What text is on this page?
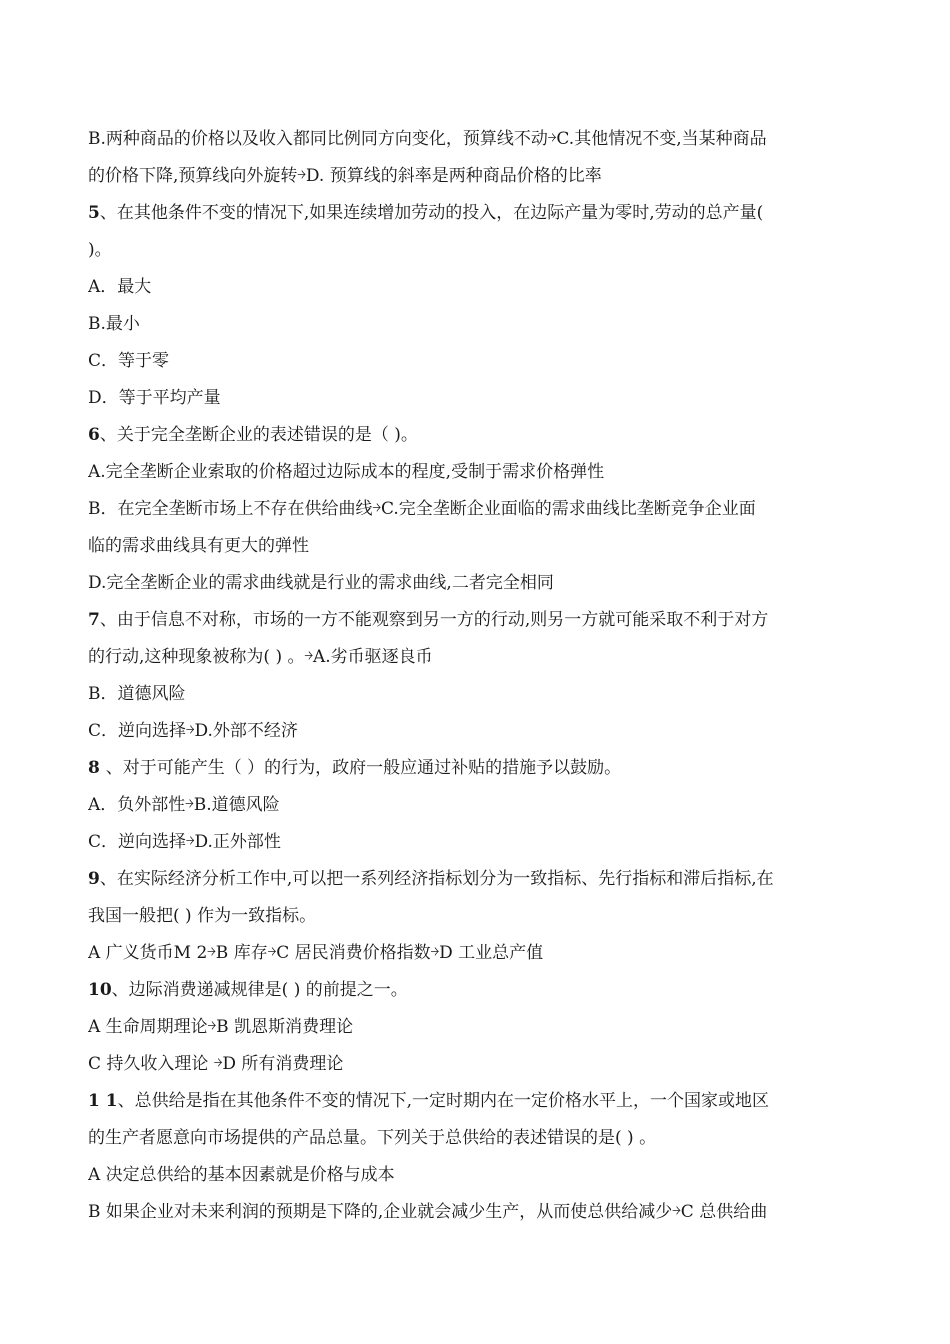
B.两种商品的价格以及收入都同比例同方向变化，预算线不动￫C.其他情况不变,当某种商品
的价格下降,预算线向外旋转￫D. 预算线的斜率是两种商品价格的比率
5、在其他条件不变的情况下,如果连续增加劳动的投入，在边际产量为零时,劳动的总产量(
)。
A．最大
B.最小
C．等于零
D．等于平均产量
6、关于完全垄断企业的表述错误的是（ )。
A.完全垄断企业索取的价格超过边际成本的程度,受制于需求价格弹性
B．在完全垄断市场上不存在供给曲线￫C.完全垄断企业面临的需求曲线比垄断竞争企业面
临的需求曲线具有更大的弹性
D.完全垄断企业的需求曲线就是行业的需求曲线,二者完全相同
7、由于信息不对称，市场的一方不能观察到另一方的行动,则另一方就可能采取不利于对方
的行动,这种现象被称为( ) 。￫A.劣币驱逐良币
B．道德风险
C．逆向选择￫D.外部不经济
8 、对于可能产生（ ）的行为，政府一般应通过补贴的措施予以鼓励。
A．负外部性￫B.道德风险
C．逆向选择￫D.正外部性
9、在实际经济分析工作中,可以把一系列经济指标划分为一致指标、先行指标和滞后指标,在
我国一般把( ) 作为一致指标。
A 广义货币M 2￫B 库存￫C 居民消费价格指数￫D 工业总产值
10、边际消费递减规律是( ) 的前提之一。
A 生命周期理论￫B 凯恩斯消费理论
C 持久收入理论 ￫D 所有消费理论
1 1、总供给是指在其他条件不变的情况下,一定时期内在一定价格水平上，一个国家或地区
的生产者愿意向市场提供的产品总量。下列关于总供给的表述错误的是( ) 。
A 决定总供给的基本因素就是价格与成本
B 如果企业对未来利润的预期是下降的,企业就会减少生产，从而使总供给减少￫C 总供给曲
